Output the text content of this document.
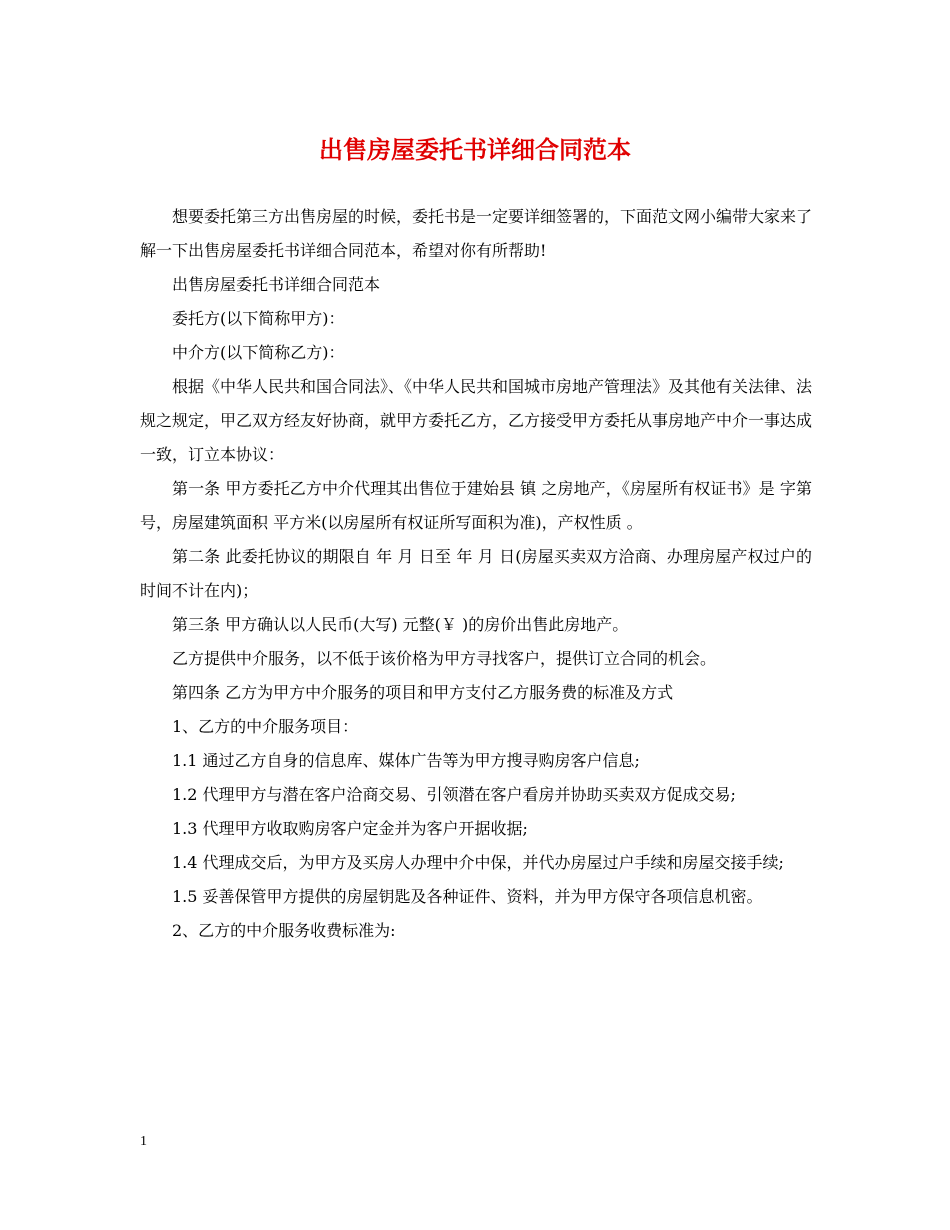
出售房屋委托书详细合同范本

想要委托第三方出售房屋的时候，委托书是一定要详细签署的，下面范文网小编带大家来了解一下出售房屋委托书详细合同范本，希望对你有所帮助!

出售房屋委托书详细合同范本

委托方(以下简称甲方)：

中介方(以下简称乙方)：

根据《中华人民共和国合同法》、《中华人民共和国城市房地产管理法》及其他有关法律、法规之规定，甲乙双方经友好协商，就甲方委托乙方，乙方接受甲方委托从事房地产中介一事达成一致，订立本协议：

第一条 甲方委托乙方中介代理其出售位于建始县 镇 之房地产，《房屋所有权证书》是 字第 号，房屋建筑面积 平方米(以房屋所有权证所写面积为准)，产权性质 。

第二条 此委托协议的期限自 年 月 日至 年 月 日(房屋买卖双方洽商、办理房屋产权过户的时间不计在内)；

第三条 甲方确认以人民币(大写) 元整(￥ )的房价出售此房地产。

乙方提供中介服务，以不低于该价格为甲方寻找客户，提供订立合同的机会。

第四条 乙方为甲方中介服务的项目和甲方支付乙方服务费的标准及方式

1、乙方的中介服务项目：

1.1 通过乙方自身的信息库、媒体广告等为甲方搜寻购房客户信息;

1.2 代理甲方与潜在客户洽商交易、引领潜在客户看房并协助买卖双方促成交易;

1.3 代理甲方收取购房客户定金并为客户开据收据;

1.4 代理成交后，为甲方及买房人办理中介中保，并代办房屋过户手续和房屋交接手续;

1.5 妥善保管甲方提供的房屋钥匙及各种证件、资料，并为甲方保守各项信息机密。

2、乙方的中介服务收费标准为:

1
